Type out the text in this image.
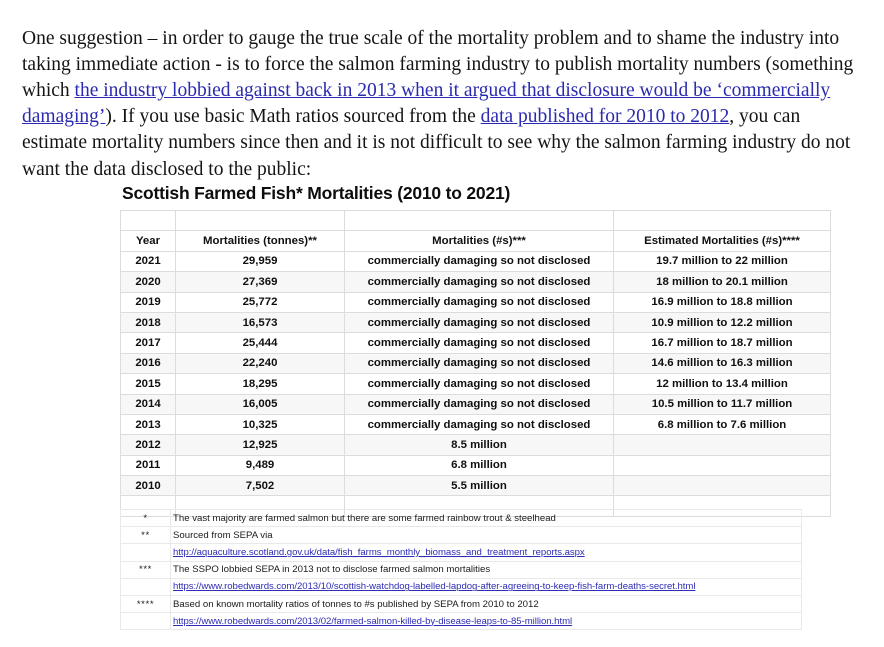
One suggestion – in order to gauge the true scale of the mortality problem and to shame the industry into taking immediate action - is to force the salmon farming industry to publish mortality numbers (something which the industry lobbied against back in 2013 when it argued that disclosure would be ‘commercially damaging’). If you use basic Math ratios sourced from the data published for 2010 to 2012, you can estimate mortality numbers since then and it is not difficult to see why the salmon farming industry do not want the data disclosed to the public:

Scottish Farmed Fish* Mortalities (2010 to 2021)

Year	Mortalities (tonnes)**	Mortalities (#s)***	Estimated Mortalities (#s)****
2021	29,959	commercially damaging so not disclosed	19.7 million to 22 million
2020	27,369	commercially damaging so not disclosed	18 million to 20.1 million
2019	25,772	commercially damaging so not disclosed	16.9 million to 18.8 million
2018	16,573	commercially damaging so not disclosed	10.9 million to 12.2 million
2017	25,444	commercially damaging so not disclosed	16.7 million to 18.7 million
2016	22,240	commercially damaging so not disclosed	14.6 million to 16.3 million
2015	18,295	commercially damaging so not disclosed	12 million to 13.4 million
2014	16,005	commercially damaging so not disclosed	10.5 million to 11.7 million
2013	10,325	commercially damaging so not disclosed	6.8 million to 7.6 million
2012	12,925	8.5 million	
2011	9,489	6.8 million	
2010	7,502	5.5 million	

*	The vast majority are farmed salmon but there are some farmed rainbow trout & steelhead
**	Sourced from SEPA via
	http://aquaculture.scotland.gov.uk/data/fish_farms_monthly_biomass_and_treatment_reports.aspx
***	The SSPO lobbied SEPA in 2013 not to disclose farmed salmon mortalities
	https://www.robedwards.com/2013/10/scottish-watchdog-labelled-lapdog-after-agreeing-to-keep-fish-farm-deaths-secret.html
****	Based on known mortality ratios of tonnes to #s published by SEPA from 2010 to 2012
	https://www.robedwards.com/2013/02/farmed-salmon-killed-by-disease-leaps-to-85-million.html
